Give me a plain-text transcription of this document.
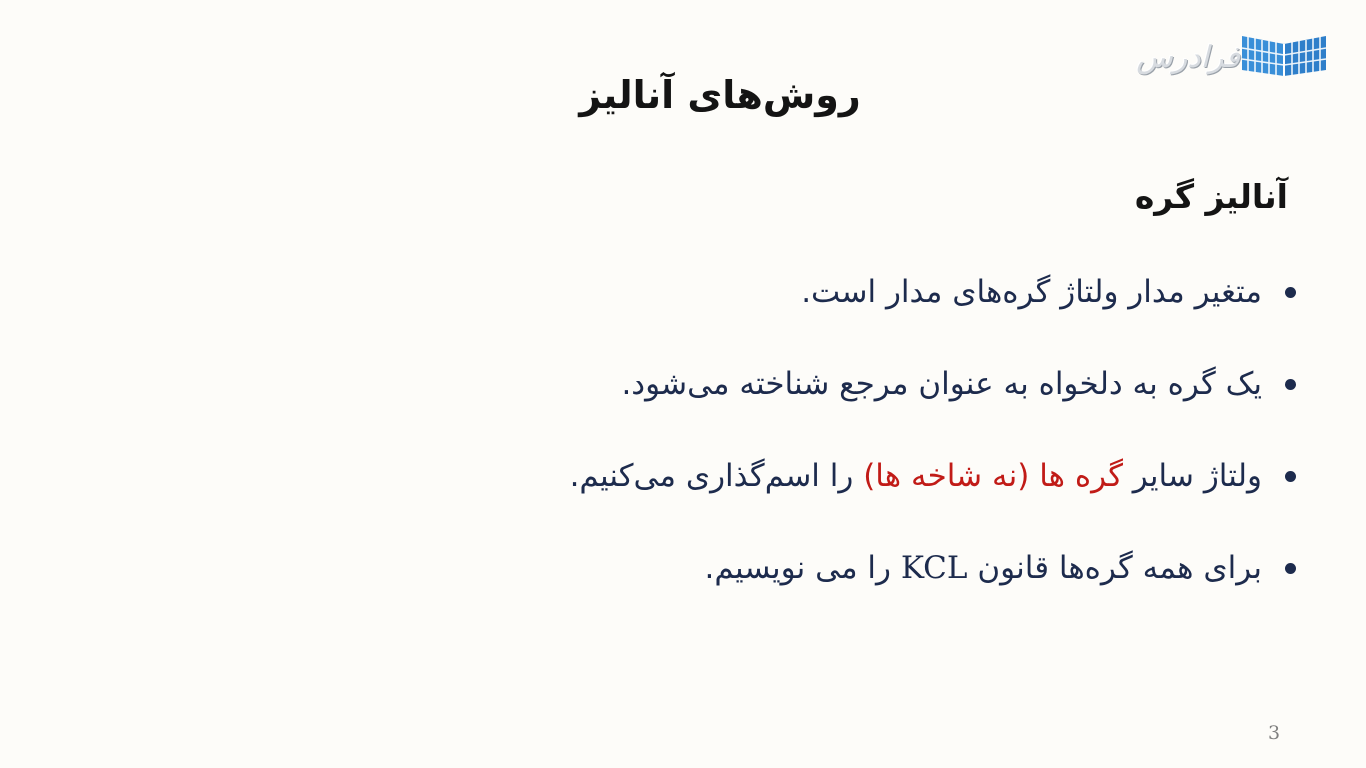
فرادرس
روش‌های آنالیز
آنالیز گره
متغیر مدار ولتاژ گره‌های مدار است.
یک گره به دلخواه به عنوان مرجع شناخته می‌شود.
ولتاژ سایر گره ها (نه شاخه ها) را اسم‌گذاری می‌کنیم.
برای همه گره‌ها قانون KCL را می نویسیم.
3
